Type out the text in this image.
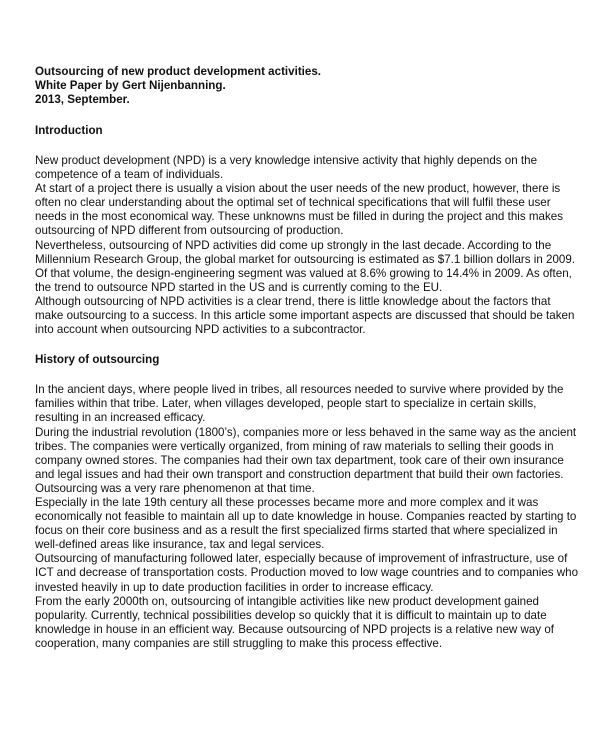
Outsourcing of new product development activities.
White Paper by Gert Nijenbanning.
2013, September.
Introduction

New product development (NPD) is a very knowledge intensive activity that highly depends on the competence of a team of individuals.

At start of a project there is usually a vision about the user needs of the new product, however, there is often no clear understanding about the optimal set of technical specifications that will fulfil these user needs in the most economical way. These unknowns must be filled in during the project and this makes outsourcing of NPD different from outsourcing of production.

Nevertheless, outsourcing of NPD activities did come up strongly in the last decade. According to the Millennium Research Group, the global market for outsourcing is estimated as $7.1 billion dollars in 2009. Of that volume, the design-engineering segment was valued at 8.6% growing to 14.4% in 2009. As often, the trend to outsource NPD started in the US and is currently coming to the EU.

Although outsourcing of NPD activities is a clear trend, there is little knowledge about the factors that make outsourcing to a success. In this article some important aspects are discussed that should be taken into account when outsourcing NPD activities to a subcontractor.

History of outsourcing

In the ancient days, where people lived in tribes, all resources needed to survive where provided by the families within that tribe. Later, when villages developed, people start to specialize in certain skills, resulting in an increased efficacy.

During the industrial revolution (1800’s), companies more or less behaved in the same way as the ancient tribes. The companies were vertically organized, from mining of raw materials to selling their goods in company owned stores. The companies had their own tax department, took care of their own insurance and legal issues and had their own transport and construction department that build their own factories. Outsourcing was a very rare phenomenon at that time.

Especially in the late 19th century all these processes became more and more complex and it was economically not feasible to maintain all up to date knowledge in house. Companies reacted by starting to focus on their core business and as a result the first specialized firms started that where specialized in well-defined areas like insurance, tax and legal services.

Outsourcing of manufacturing followed later, especially because of improvement of infrastructure, use of ICT and decrease of transportation costs. Production moved to low wage countries and to companies who invested heavily in up to date production facilities in order to increase efficacy.

From the early 2000th on, outsourcing of intangible activities like new product development gained popularity. Currently, technical possibilities develop so quickly that it is difficult to maintain up to date knowledge in house in an efficient way. Because outsourcing of NPD projects is a relative new way of cooperation, many companies are still struggling to make this process effective.
